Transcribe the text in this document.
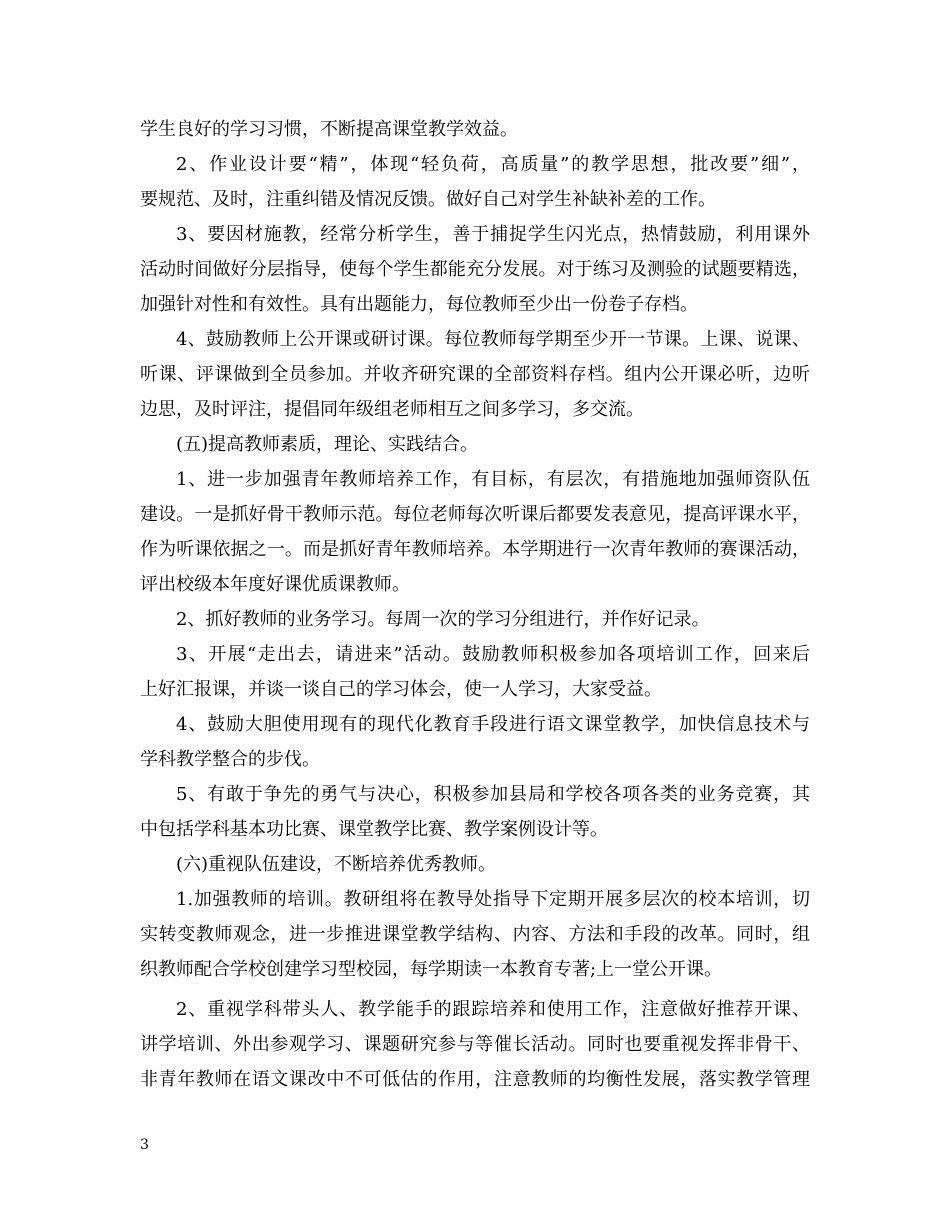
学生良好的学习习惯，不断提高课堂教学效益。
2、作业设计要“精”，体现“轻负荷，高质量”的教学思想，批改要”细”，
要规范、及时，注重纠错及情况反馈。做好自己对学生补缺补差的工作。
3、要因材施教，经常分析学生，善于捕捉学生闪光点，热情鼓励，利用课外
活动时间做好分层指导，使每个学生都能充分发展。对于练习及测验的试题要精选，
加强针对性和有效性。具有出题能力，每位教师至少出一份卷子存档。
4、鼓励教师上公开课或研讨课。每位教师每学期至少开一节课。上课、说课、
听课、评课做到全员参加。并收齐研究课的全部资料存档。组内公开课必听，边听
边思，及时评注，提倡同年级组老师相互之间多学习，多交流。
(五)提高教师素质，理论、实践结合。
1、进一步加强青年教师培养工作，有目标，有层次，有措施地加强师资队伍
建设。一是抓好骨干教师示范。每位老师每次听课后都要发表意见，提高评课水平，
作为听课依据之一。而是抓好青年教师培养。本学期进行一次青年教师的赛课活动，
评出校级本年度好课优质课教师。
2、抓好教师的业务学习。每周一次的学习分组进行，并作好记录。
3、开展“走出去，请进来”活动。鼓励教师积极参加各项培训工作，回来后
上好汇报课，并谈一谈自己的学习体会，使一人学习，大家受益。
4、鼓励大胆使用现有的现代化教育手段进行语文课堂教学，加快信息技术与
学科教学整合的步伐。
5、有敢于争先的勇气与决心，积极参加县局和学校各项各类的业务竞赛，其
中包括学科基本功比赛、课堂教学比赛、教学案例设计等。
(六)重视队伍建设，不断培养优秀教师。
1.加强教师的培训。教研组将在教导处指导下定期开展多层次的校本培训，切
实转变教师观念，进一步推进课堂教学结构、内容、方法和手段的改革。同时，组
织教师配合学校创建学习型校园，每学期读一本教育专著;上一堂公开课。
2、重视学科带头人、教学能手的跟踪培养和使用工作，注意做好推荐开课、
讲学培训、外出参观学习、课题研究参与等催长活动。同时也要重视发挥非骨干、
非青年教师在语文课改中不可低估的作用，注意教师的均衡性发展，落实教学管理
3
